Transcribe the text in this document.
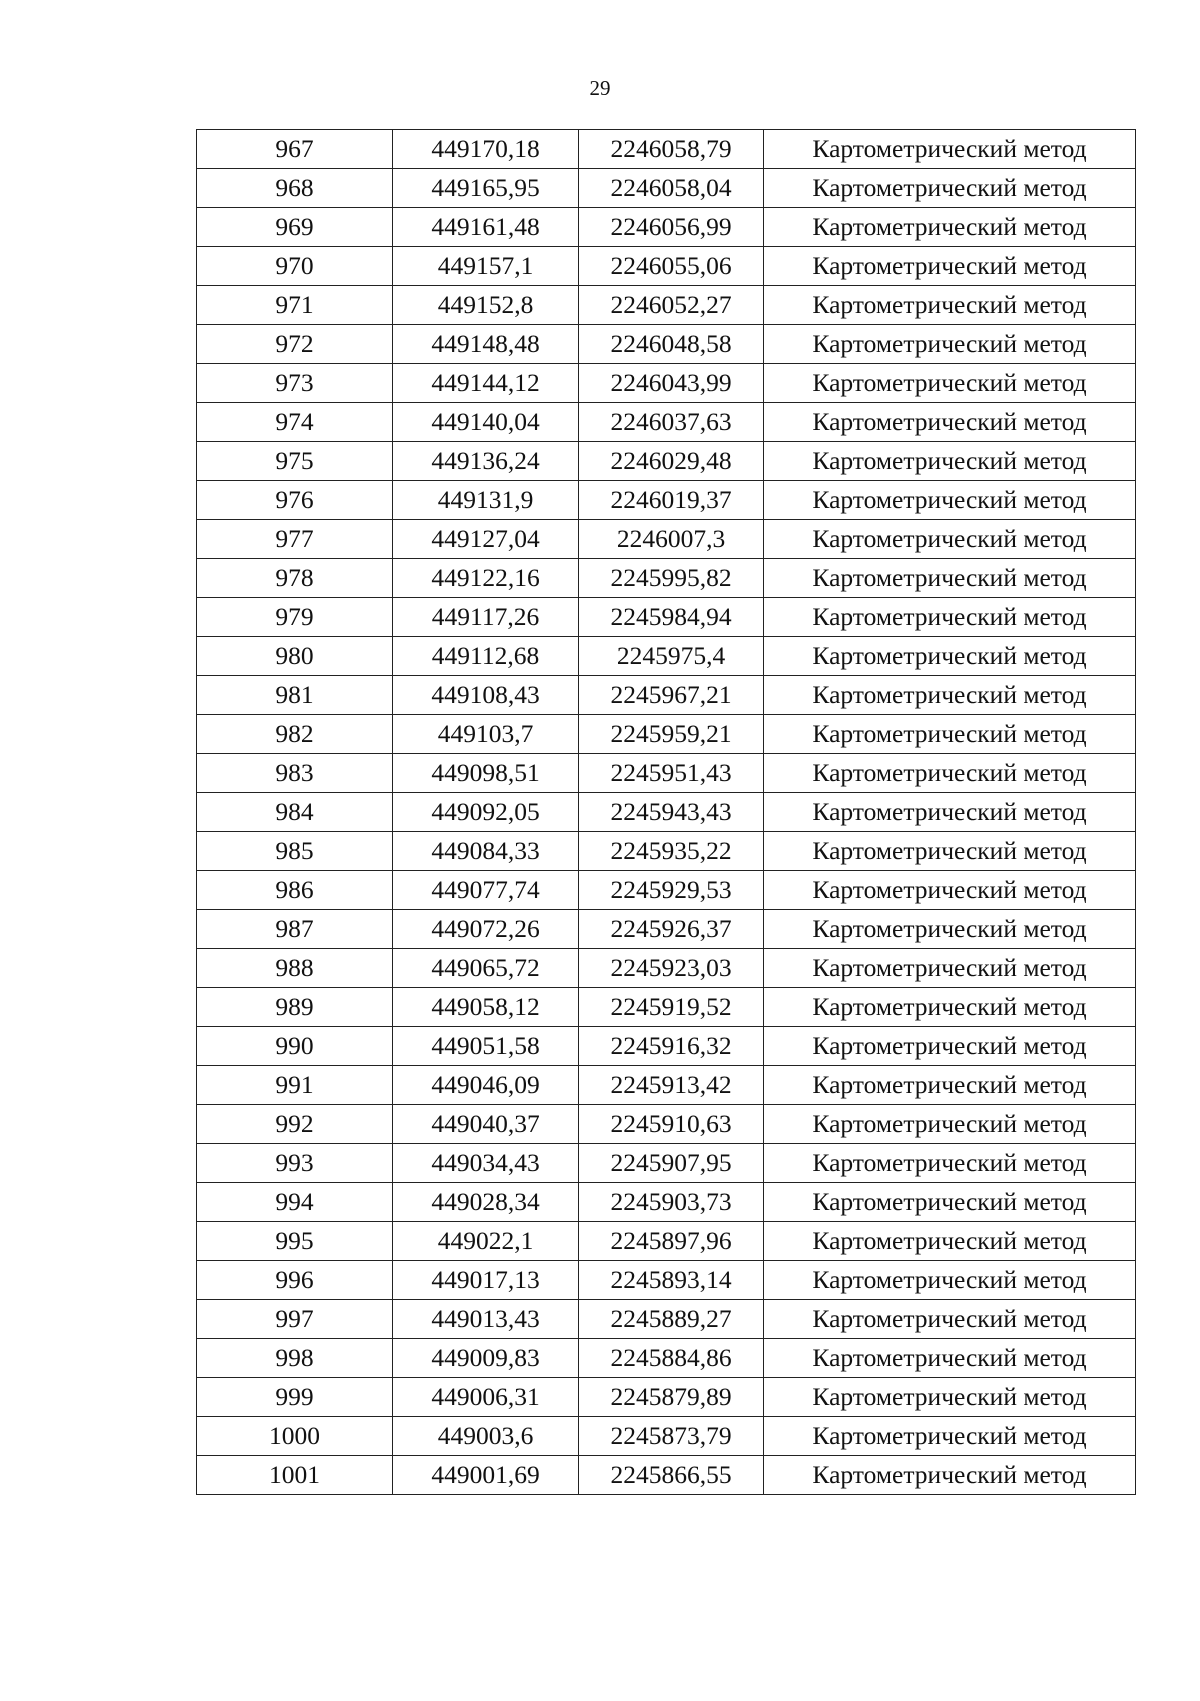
29
967	449170,18	2246058,79	Картометрический метод
968	449165,95	2246058,04	Картометрический метод
969	449161,48	2246056,99	Картометрический метод
970	449157,1	2246055,06	Картометрический метод
971	449152,8	2246052,27	Картометрический метод
972	449148,48	2246048,58	Картометрический метод
973	449144,12	2246043,99	Картометрический метод
974	449140,04	2246037,63	Картометрический метод
975	449136,24	2246029,48	Картометрический метод
976	449131,9	2246019,37	Картометрический метод
977	449127,04	2246007,3	Картометрический метод
978	449122,16	2245995,82	Картометрический метод
979	449117,26	2245984,94	Картометрический метод
980	449112,68	2245975,4	Картометрический метод
981	449108,43	2245967,21	Картометрический метод
982	449103,7	2245959,21	Картометрический метод
983	449098,51	2245951,43	Картометрический метод
984	449092,05	2245943,43	Картометрический метод
985	449084,33	2245935,22	Картометрический метод
986	449077,74	2245929,53	Картометрический метод
987	449072,26	2245926,37	Картометрический метод
988	449065,72	2245923,03	Картометрический метод
989	449058,12	2245919,52	Картометрический метод
990	449051,58	2245916,32	Картометрический метод
991	449046,09	2245913,42	Картометрический метод
992	449040,37	2245910,63	Картометрический метод
993	449034,43	2245907,95	Картометрический метод
994	449028,34	2245903,73	Картометрический метод
995	449022,1	2245897,96	Картометрический метод
996	449017,13	2245893,14	Картометрический метод
997	449013,43	2245889,27	Картометрический метод
998	449009,83	2245884,86	Картометрический метод
999	449006,31	2245879,89	Картометрический метод
1000	449003,6	2245873,79	Картометрический метод
1001	449001,69	2245866,55	Картометрический метод
